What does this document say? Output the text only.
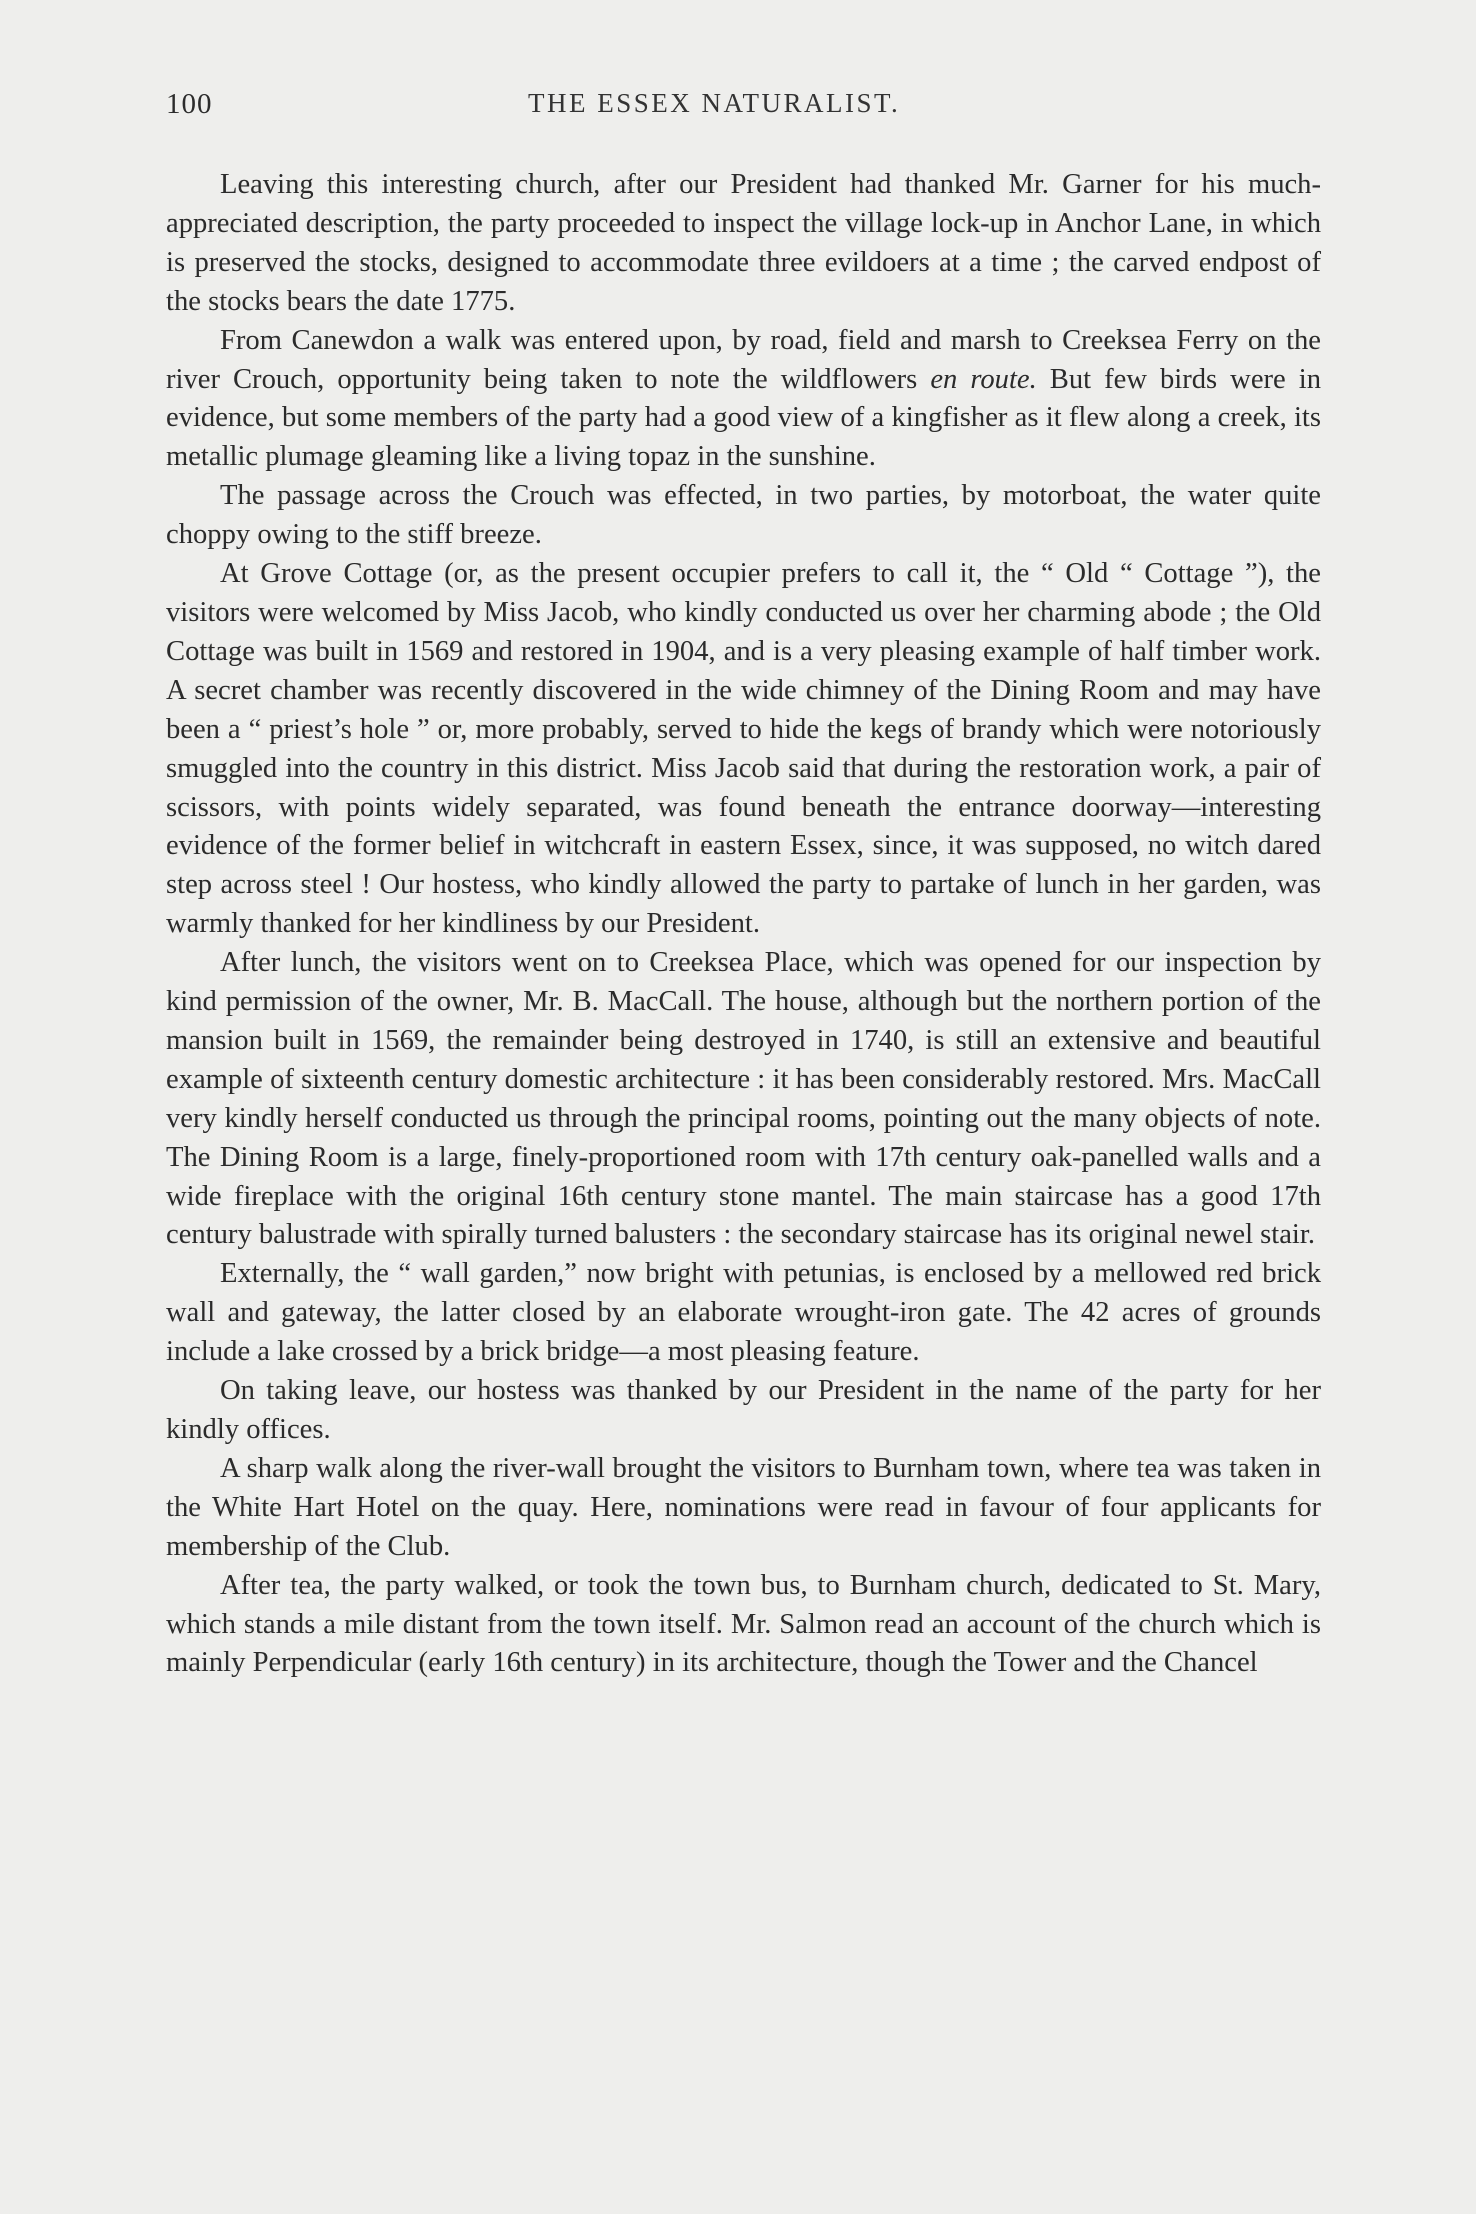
100	THE ESSEX NATURALIST.

Leaving this interesting church, after our President had thanked Mr. Garner for his much-appreciated description, the party proceeded to inspect the village lock-up in Anchor Lane, in which is preserved the stocks, designed to accommodate three evildoers at a time ; the carved endpost of the stocks bears the date 1775.

From Canewdon a walk was entered upon, by road, field and marsh to Creeksea Ferry on the river Crouch, opportunity being taken to note the wildflowers en route. But few birds were in evidence, but some members of the party had a good view of a kingfisher as it flew along a creek, its metallic plumage gleaming like a living topaz in the sunshine.

The passage across the Crouch was effected, in two parties, by motorboat, the water quite choppy owing to the stiff breeze.

At Grove Cottage (or, as the present occupier prefers to call it, the “ Old “ Cottage ”), the visitors were welcomed by Miss Jacob, who kindly conducted us over her charming abode ; the Old Cottage was built in 1569 and restored in 1904, and is a very pleasing example of half timber work. A secret chamber was recently discovered in the wide chimney of the Dining Room and may have been a “ priest’s hole ” or, more probably, served to hide the kegs of brandy which were notoriously smuggled into the country in this district. Miss Jacob said that during the restoration work, a pair of scissors, with points widely separated, was found beneath the entrance doorway—interesting evidence of the former belief in witchcraft in eastern Essex, since, it was supposed, no witch dared step across steel ! Our hostess, who kindly allowed the party to partake of lunch in her garden, was warmly thanked for her kindliness by our President.

After lunch, the visitors went on to Creeksea Place, which was opened for our inspection by kind permission of the owner, Mr. B. MacCall. The house, although but the northern portion of the mansion built in 1569, the remainder being destroyed in 1740, is still an extensive and beautiful example of sixteenth century domestic architecture : it has been considerably restored. Mrs. MacCall very kindly herself conducted us through the principal rooms, pointing out the many objects of note. The Dining Room is a large, finely-proportioned room with 17th century oak-panelled walls and a wide fireplace with the original 16th century stone mantel. The main staircase has a good 17th century balustrade with spirally turned balusters : the secondary staircase has its original newel stair.

Externally, the “ wall garden,” now bright with petunias, is enclosed by a mellowed red brick wall and gateway, the latter closed by an elaborate wrought-iron gate. The 42 acres of grounds include a lake crossed by a brick bridge—a most pleasing feature.

On taking leave, our hostess was thanked by our President in the name of the party for her kindly offices.

A sharp walk along the river-wall brought the visitors to Burnham town, where tea was taken in the White Hart Hotel on the quay. Here, nominations were read in favour of four applicants for membership of the Club.

After tea, the party walked, or took the town bus, to Burnham church, dedicated to St. Mary, which stands a mile distant from the town itself. Mr. Salmon read an account of the church which is mainly Perpendicular (early 16th century) in its architecture, though the Tower and the Chancel
